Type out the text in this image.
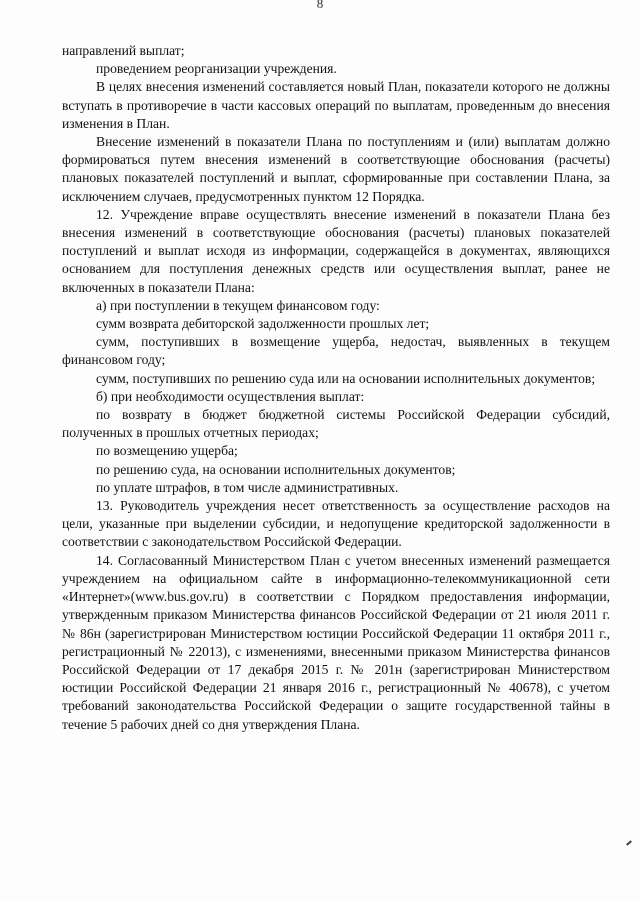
8

направлений выплат;

проведением реорганизации учреждения.

В целях внесения изменений составляется новый План, показатели которого не должны вступать в противоречие в части кассовых операций по выплатам, проведенным до внесения изменения в План.

Внесение изменений в показатели Плана по поступлениям и (или) выплатам должно формироваться путем внесения изменений в соответствующие обоснования (расчеты) плановых показателей поступлений и выплат, сформированные при составлении Плана, за исключением случаев, предусмотренных пунктом 12 Порядка.

12. Учреждение вправе осуществлять внесение изменений в показатели Плана без внесения изменений в соответствующие обоснования (расчеты) плановых показателей поступлений и выплат исходя из информации, содержащейся в документах, являющихся основанием для поступления денежных средств или осуществления выплат, ранее не включенных в показатели Плана:

а) при поступлении в текущем финансовом году:

сумм возврата дебиторской задолженности прошлых лет;

сумм, поступивших в возмещение ущерба, недостач, выявленных в текущем финансовом году;

сумм, поступивших по решению суда или на основании исполнительных документов;

б) при необходимости осуществления выплат:

по возврату в бюджет бюджетной системы Российской Федерации субсидий, полученных в прошлых отчетных периодах;

по возмещению ущерба;

по решению суда, на основании исполнительных документов;

по уплате штрафов, в том числе административных.

13. Руководитель учреждения несет ответственность за осуществление расходов на цели, указанные при выделении субсидии, и недопущение кредиторской задолженности в соответствии с законодательством Российской Федерации.

14. Согласованный Министерством План с учетом внесенных изменений размещается учреждением на официальном сайте в информационно-телекоммуникационной сети «Интернет»(www.bus.gov.ru) в соответствии с Порядком предоставления информации, утвержденным приказом Министерства финансов Российской Федерации от 21 июля 2011 г. № 86н (зарегистрирован Министерством юстиции Российской Федерации 11 октября 2011 г., регистрационный № 22013), с изменениями, внесенными приказом Министерства финансов Российской Федерации от 17 декабря 2015 г. № 201н (зарегистрирован Министерством юстиции Российской Федерации 21 января 2016 г., регистрационный № 40678), с учетом требований законодательства Российской Федерации о защите государственной тайны в течение 5 рабочих дней со дня утверждения Плана.
